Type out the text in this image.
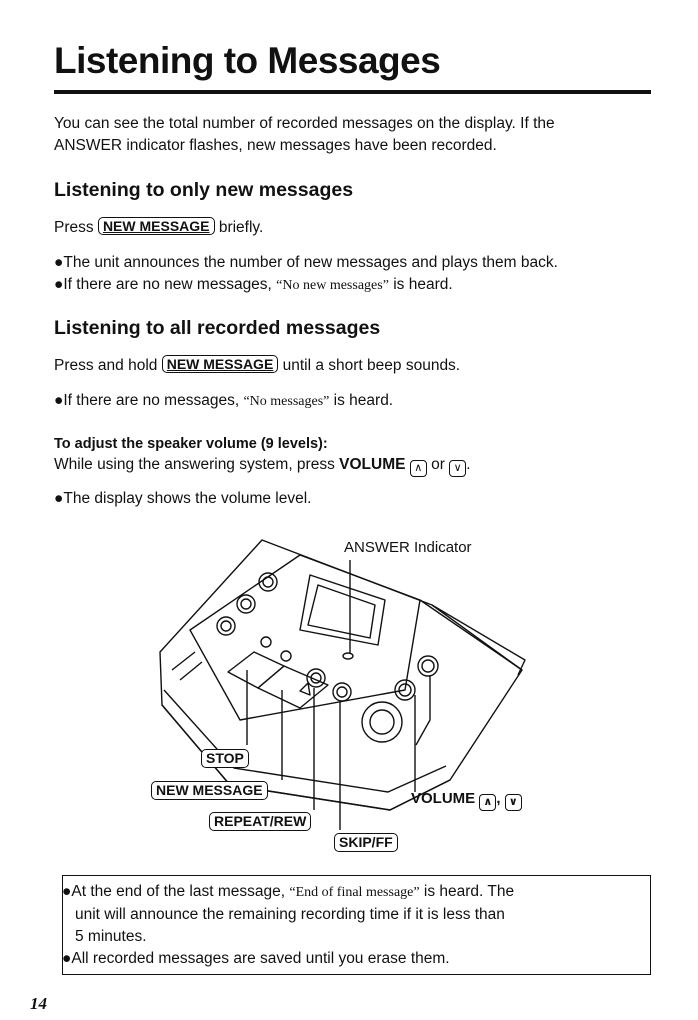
Listening to Messages
You can see the total number of recorded messages on the display. If the
ANSWER indicator flashes, new messages have been recorded.
Listening to only new messages
Press NEW MESSAGE briefly.
●The unit announces the number of new messages and plays them back.
●If there are no new messages, “No new messages” is heard.
Listening to all recorded messages
Press and hold NEW MESSAGE until a short beep sounds.
●If there are no messages, “No messages” is heard.
To adjust the speaker volume (9 levels):
While using the answering system, press VOLUME ∧ or ∨ .
●The display shows the volume level.
ANSWER Indicator
STOP
NEW MESSAGE
REPEAT/REW
SKIP/FF
VOLUME ∧ , ∨
●At the end of the last message, “End of final message” is heard. The
unit will announce the remaining recording time if it is less than
5 minutes.
●All recorded messages are saved until you erase them.
14
